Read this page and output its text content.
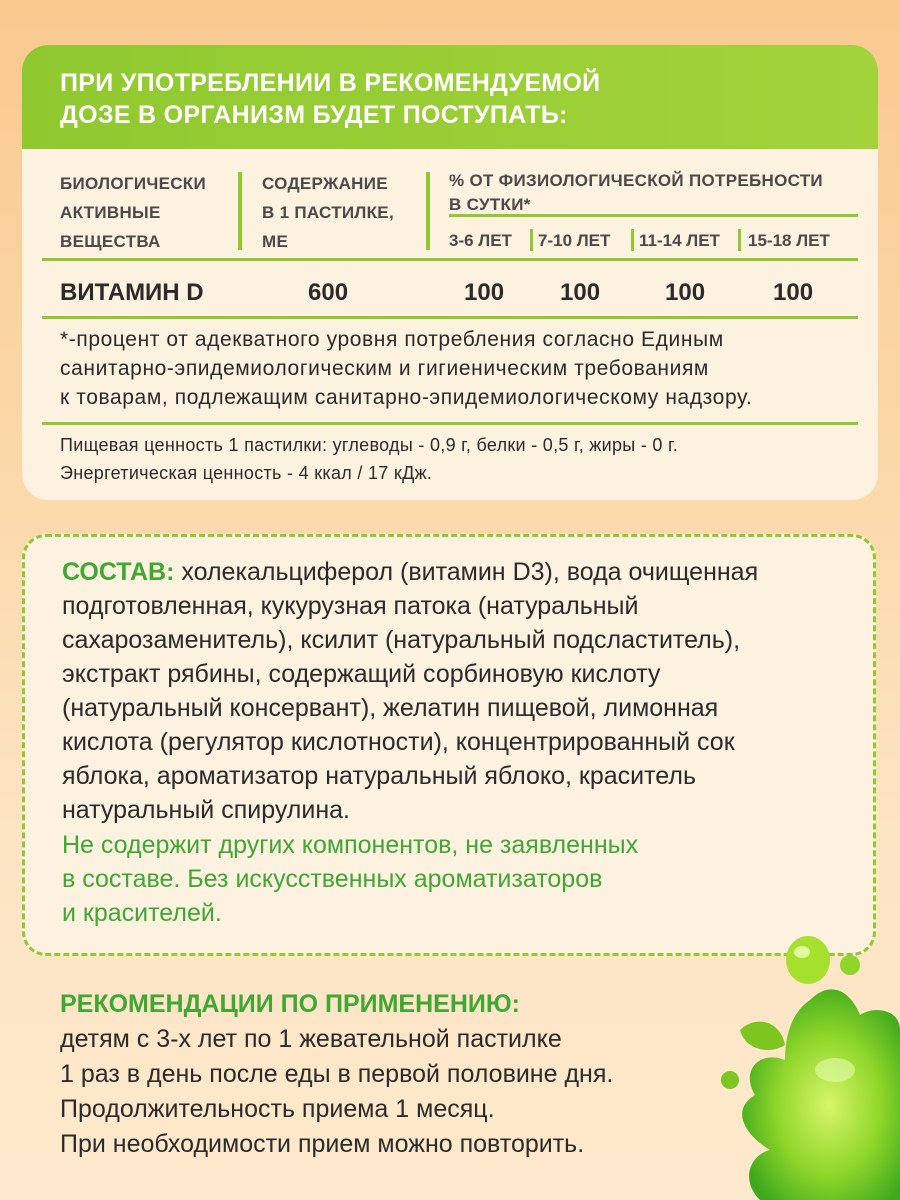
ПРИ УПОТРЕБЛЕНИИ В РЕКОМЕНДУЕМОЙ
ДОЗЕ В ОРГАНИЗМ БУДЕТ ПОСТУПАТЬ:
БИОЛОГИЧЕСКИ
АКТИВНЫЕ
ВЕЩЕСТВА
СОДЕРЖАНИЕ
В 1 ПАСТИЛКЕ,
МЕ
% ОТ ФИЗИОЛОГИЧЕСКОЙ ПОТРЕБНОСТИ
В СУТКИ*
3-6 ЛЕТ 7-10 ЛЕТ 11-14 ЛЕТ 15-18 ЛЕТ
ВИТАМИН D	600	100 100	100	100
*-процент от адекватного уровня потребления согласно Единым
санитарно-эпидемиологическим и гигиеническим требованиям
к товарам, подлежащим санитарно-эпидемиологическому надзору.
Пищевая ценность 1 пастилки: углеводы - 0,9 г, белки - 0,5 г, жиры - 0 г.
Энергетическая ценность - 4 ккал / 17 кДж.
СОСТАВ: холекальциферол (витамин D3), вода очищенная
подготовленная, кукурузная патока (натуральный
сахарозаменитель), ксилит (натуральный подсластитель),
экстракт рябины, содержащий сорбиновую кислоту
(натуральный консервант), желатин пищевой, лимонная
кислота (регулятор кислотности), концентрированный сок
яблока, ароматизатор натуральный яблоко, краситель
натуральный спирулина.
Не содержит других компонентов, не заявленных
в составе. Без искусственных ароматизаторов
и красителей.
РЕКОМЕНДАЦИИ ПО ПРИМЕНЕНИЮ:
детям с 3-х лет по 1 жевательной пастилке
1 раз в день после еды в первой половине дня.
Продолжительность приема 1 месяц.
При необходимости прием можно повторить.
